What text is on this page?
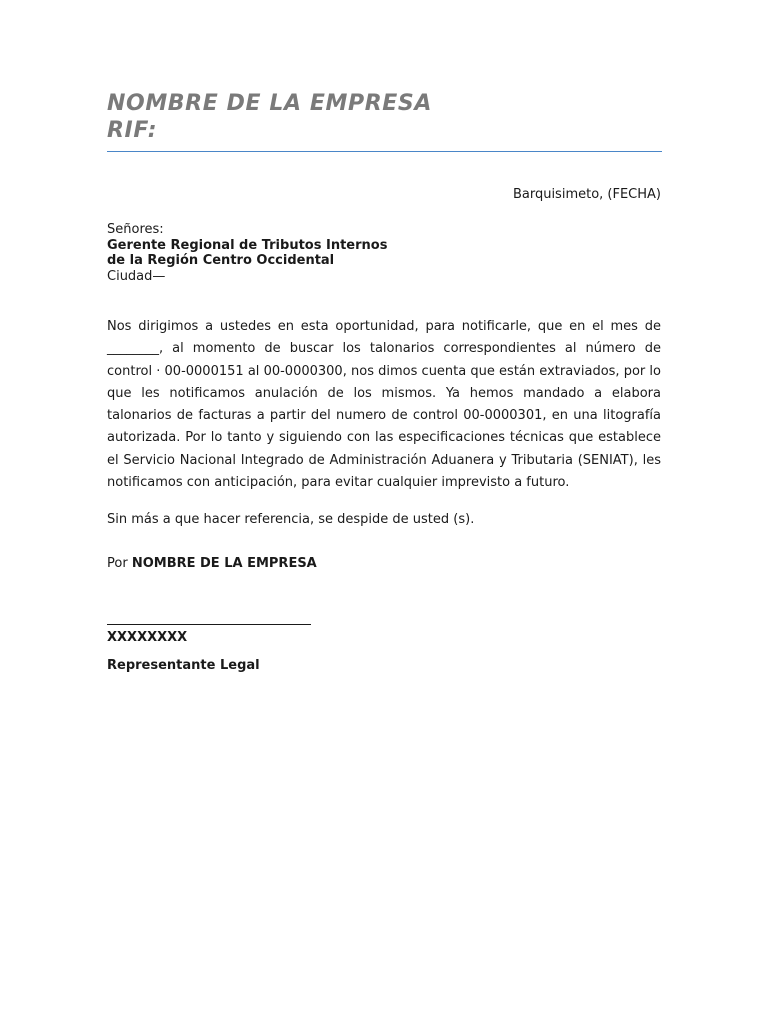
NOMBRE DE LA EMPRESA
RIF:
Barquisimeto, (FECHA)
Señores:
Gerente Regional de Tributos Internos
de la Región Centro Occidental
Ciudad—

Nos dirigimos a ustedes en esta oportunidad, para notificarle, que en el mes de ________, al momento de buscar los talonarios correspondientes al número de control · 00-0000151 al 00-0000300, nos dimos cuenta que están extraviados, por lo que les notificamos anulación de los mismos. Ya hemos mandado a elabora talonarios de facturas a partir del numero de control 00-0000301, en una litografía autorizada. Por lo tanto y siguiendo con las especificaciones técnicas que establece el Servicio Nacional Integrado de Administración Aduanera y Tributaria (SENIAT), les notificamos con anticipación, para evitar cualquier imprevisto a futuro.

Sin más a que hacer referencia, se despide de usted (s).
Por NOMBRE DE LA EMPRESA
XXXXXXXX
Representante Legal
